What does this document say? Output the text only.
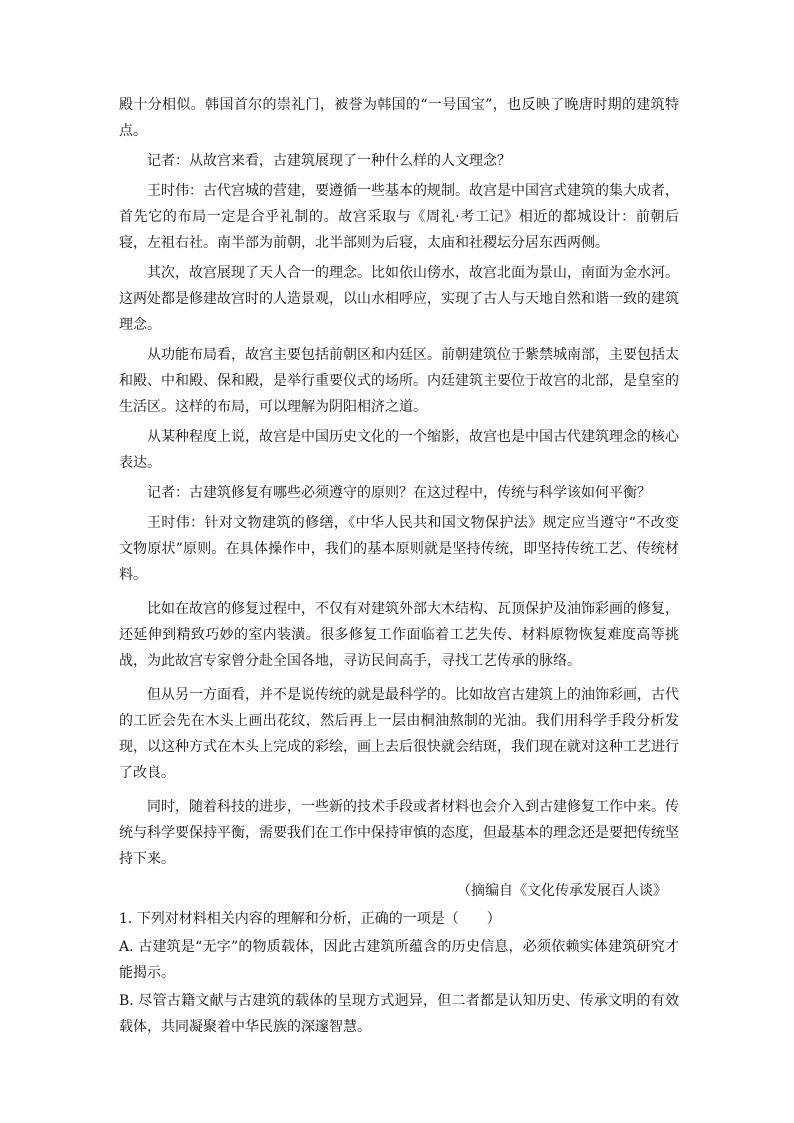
殿十分相似。韩国首尔的崇礼门，被誉为韩国的“一号国宝”，也反映了晚唐时期的建筑特点。

记者：从故宫来看，古建筑展现了一种什么样的人文理念？

王时伟：古代宫城的营建，要遵循一些基本的规制。故宫是中国宫式建筑的集大成者，首先它的布局一定是合乎礼制的。故宫采取与《周礼·考工记》相近的都城设计：前朝后寝，左祖右社。南半部为前朝，北半部则为后寝，太庙和社稷坛分居东西两侧。

其次，故宫展现了天人合一的理念。比如依山傍水，故宫北面为景山，南面为金水河。这两处都是修建故宫时的人造景观，以山水相呼应，实现了古人与天地自然和谐一致的建筑理念。

从功能布局看，故宫主要包括前朝区和内廷区。前朝建筑位于紫禁城南部，主要包括太和殿、中和殿、保和殿，是举行重要仪式的场所。内廷建筑主要位于故宫的北部，是皇室的生活区。这样的布局，可以理解为阴阳相济之道。

从某种程度上说，故宫是中国历史文化的一个缩影，故宫也是中国古代建筑理念的核心表达。

记者：古建筑修复有哪些必须遵守的原则？在这过程中，传统与科学该如何平衡？

王时伟：针对文物建筑的修缮，《中华人民共和国文物保护法》规定应当遵守“不改变文物原状”原则。在具体操作中，我们的基本原则就是坚持传统，即坚持传统工艺、传统材料。

比如在故宫的修复过程中，不仅有对建筑外部大木结构、瓦顶保护及油饰彩画的修复，还延伸到精致巧妙的室内装潢。很多修复工作面临着工艺失传、材料原物恢复难度高等挑战，为此故宫专家曾分赴全国各地，寻访民间高手，寻找工艺传承的脉络。

但从另一方面看，并不是说传统的就是最科学的。比如故宫古建筑上的油饰彩画，古代的工匠会先在木头上画出花纹，然后再上一层由桐油熬制的光油。我们用科学手段分析发现，以这种方式在木头上完成的彩绘，画上去后很快就会结斑，我们现在就对这种工艺进行了改良。

同时，随着科技的进步，一些新的技术手段或者材料也会介入到古建修复工作中来。传统与科学要保持平衡，需要我们在工作中保持审慎的态度，但最基本的理念还是要把传统坚持下来。

（摘编自《文化传承发展百人谈》

1. 下列对材料相关内容的理解和分析，正确的一项是（　　）

A. 古建筑是“无字”的物质载体，因此古建筑所蕴含的历史信息，必须依赖实体建筑研究才能揭示。

B. 尽管古籍文献与古建筑的载体的呈现方式迥异，但二者都是认知历史、传承文明的有效载体，共同凝聚着中华民族的深邃智慧。
